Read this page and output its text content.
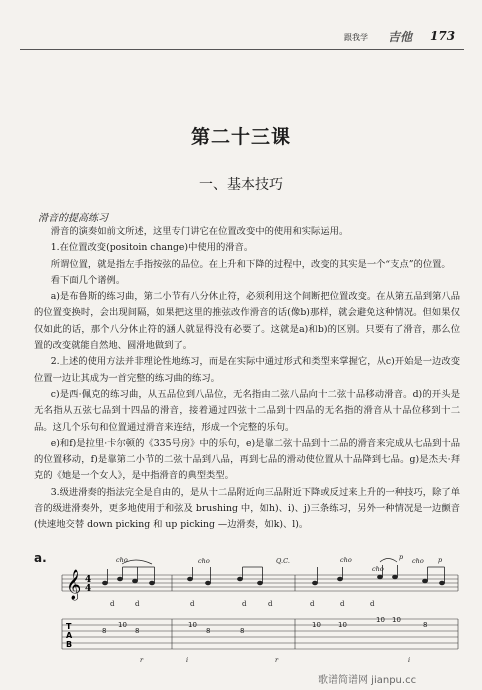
跟我学 吉他 173
第二十三课
一、基本技巧
滑音的提高练习

滑音的演奏如前文所述，这里专门讲它在位置改变中的使用和实际运用。

1.在位置改变(positoin change)中使用的滑音。

所谓位置，就是指左手指按弦的品位。在上升和下降的过程中，改变的其实是一个“支点”的位置。

看下面几个谱例。

a)是布鲁斯的练习曲，第二小节有八分休止符，必须利用这个间断把位置改变。在从第五品到第八品的位置变换时，会出现间隔，如果把这里的推弦改作滑音的话(像b)那样，就会避免这种情况。但如果仅仅如此的话，那个八分休止符的涵人就显得没有必要了。这就是a)和b)的区别。只要有了滑音，那么位置的改变就能自然地、圆滑地做到了。

2.上述的使用方法并非理论性地练习，而是在实际中通过形式和类型来掌握它，从c)开始是一边改变位置一边让其成为一首完整的练习曲的练习。

c)是西·佩克的练习曲，从五品位到八品位，无名指由二弦八品向十二弦十品移动滑音。d)的开头是无名指从五弦七品到十四品的滑音，接着通过四弦十二品到十四品的无名指的滑音从十品位移到十二品。这几个乐句和位置通过滑音来连结，形成一个完整的乐句。

e)和f)是拉里·卡尔顿的《335号房》中的乐句，e)是靠二弦十品到十二品的滑音来完成从七品到十品的位置移动，f)是靠第二小节的二弦十品到八品，再到七品的滑动使位置从十品降到七品。g)是杰夫·拜克的《她是一个女人》，是中指滑音的典型类型。

3.级进滑奏的指法完全是自由的，是从十二品附近向三品附近下降或反过来上升的一种技巧，除了单音的级进滑奏外，更多地使用于和弦及 brushing 中，如h)、i)、j)三条练习，另外一种情况是一边颤音(快速地交替 down picking 和 up picking —边滑奏，如k)、l)。

a.
𝄞 4
4
cho	cho	Q.C.	cho	p
cho
cho p
d	d	d	d	d	d	d	d
T
A
B
8
10
8
10
8	8
10 10
10 10
8
r	i	r	i
歌谱简谱网 jianpu.cc
